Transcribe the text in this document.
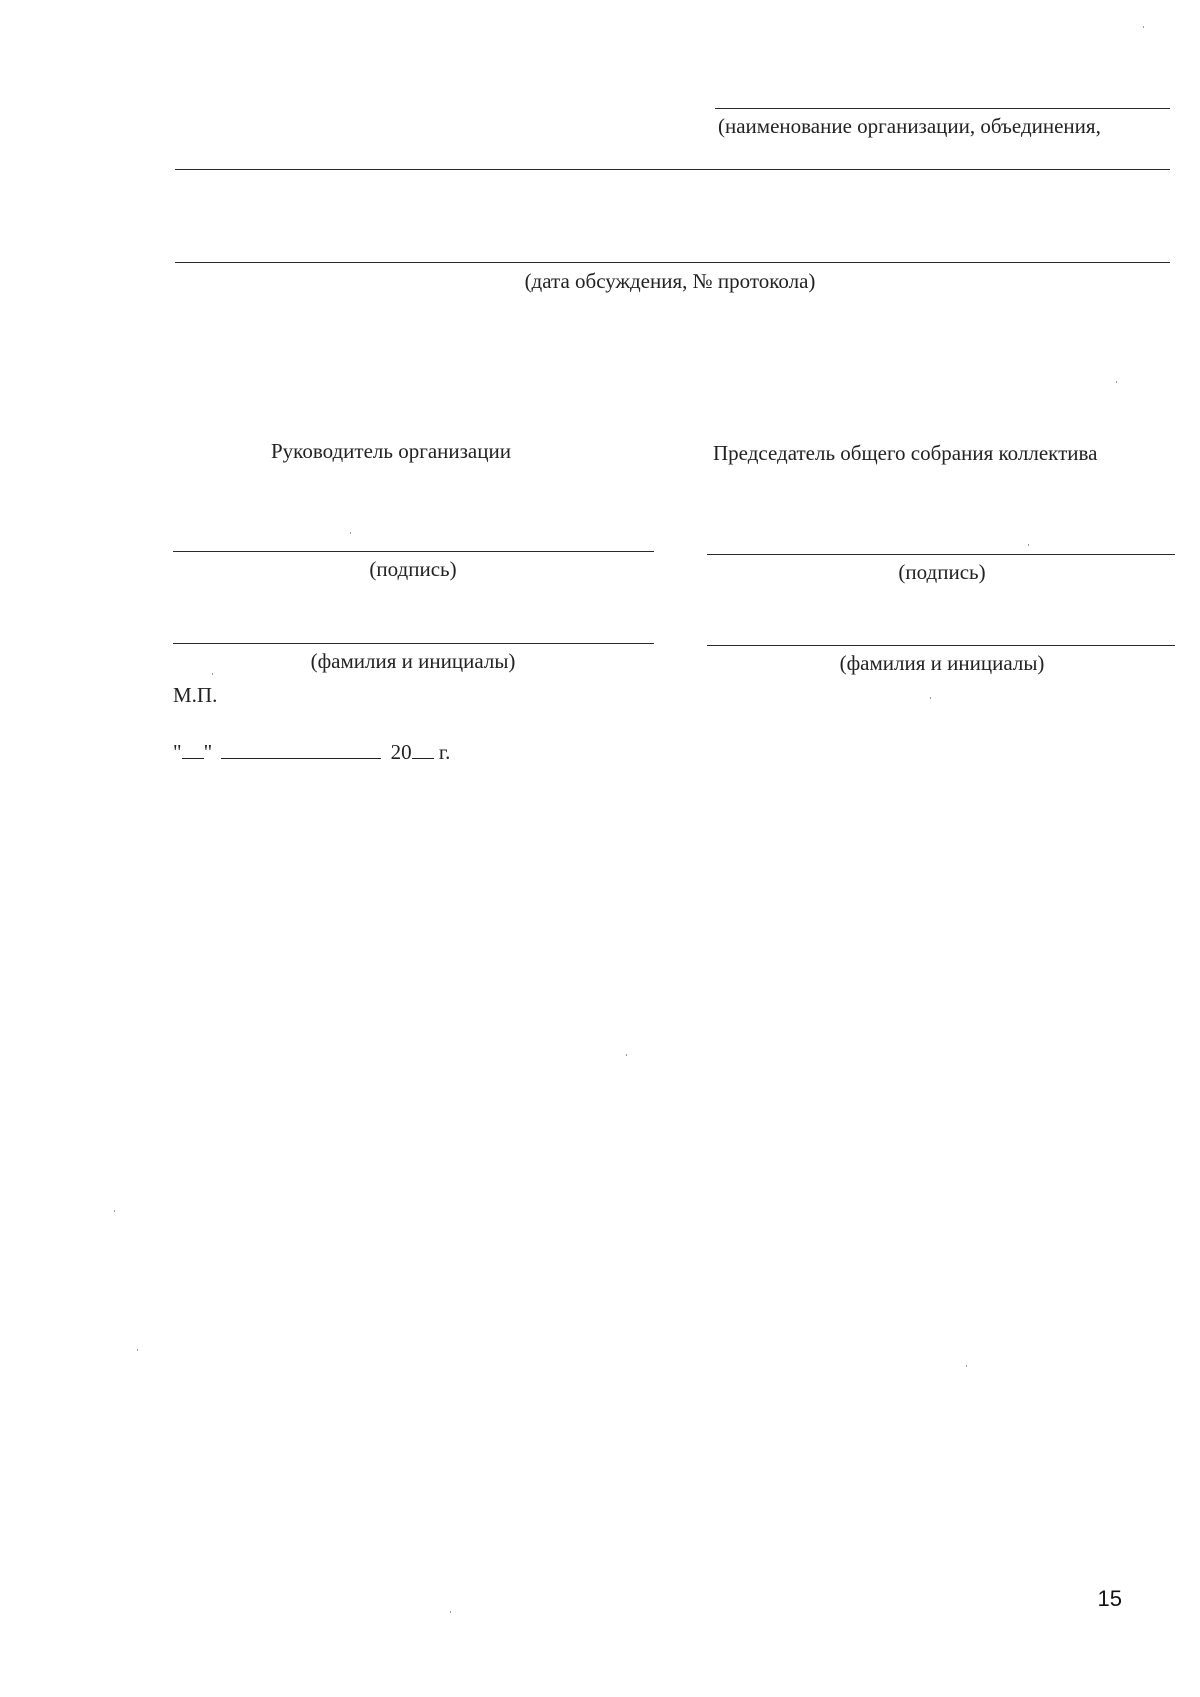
(наименование организации, объединения,
(дата обсуждения, № протокола)
Руководитель организации	Председатель общего собрания коллектива
(подпись)	(подпись)
(фамилия и инициалы)	(фамилия и инициалы)
М.П.
" "	20 г.
15
